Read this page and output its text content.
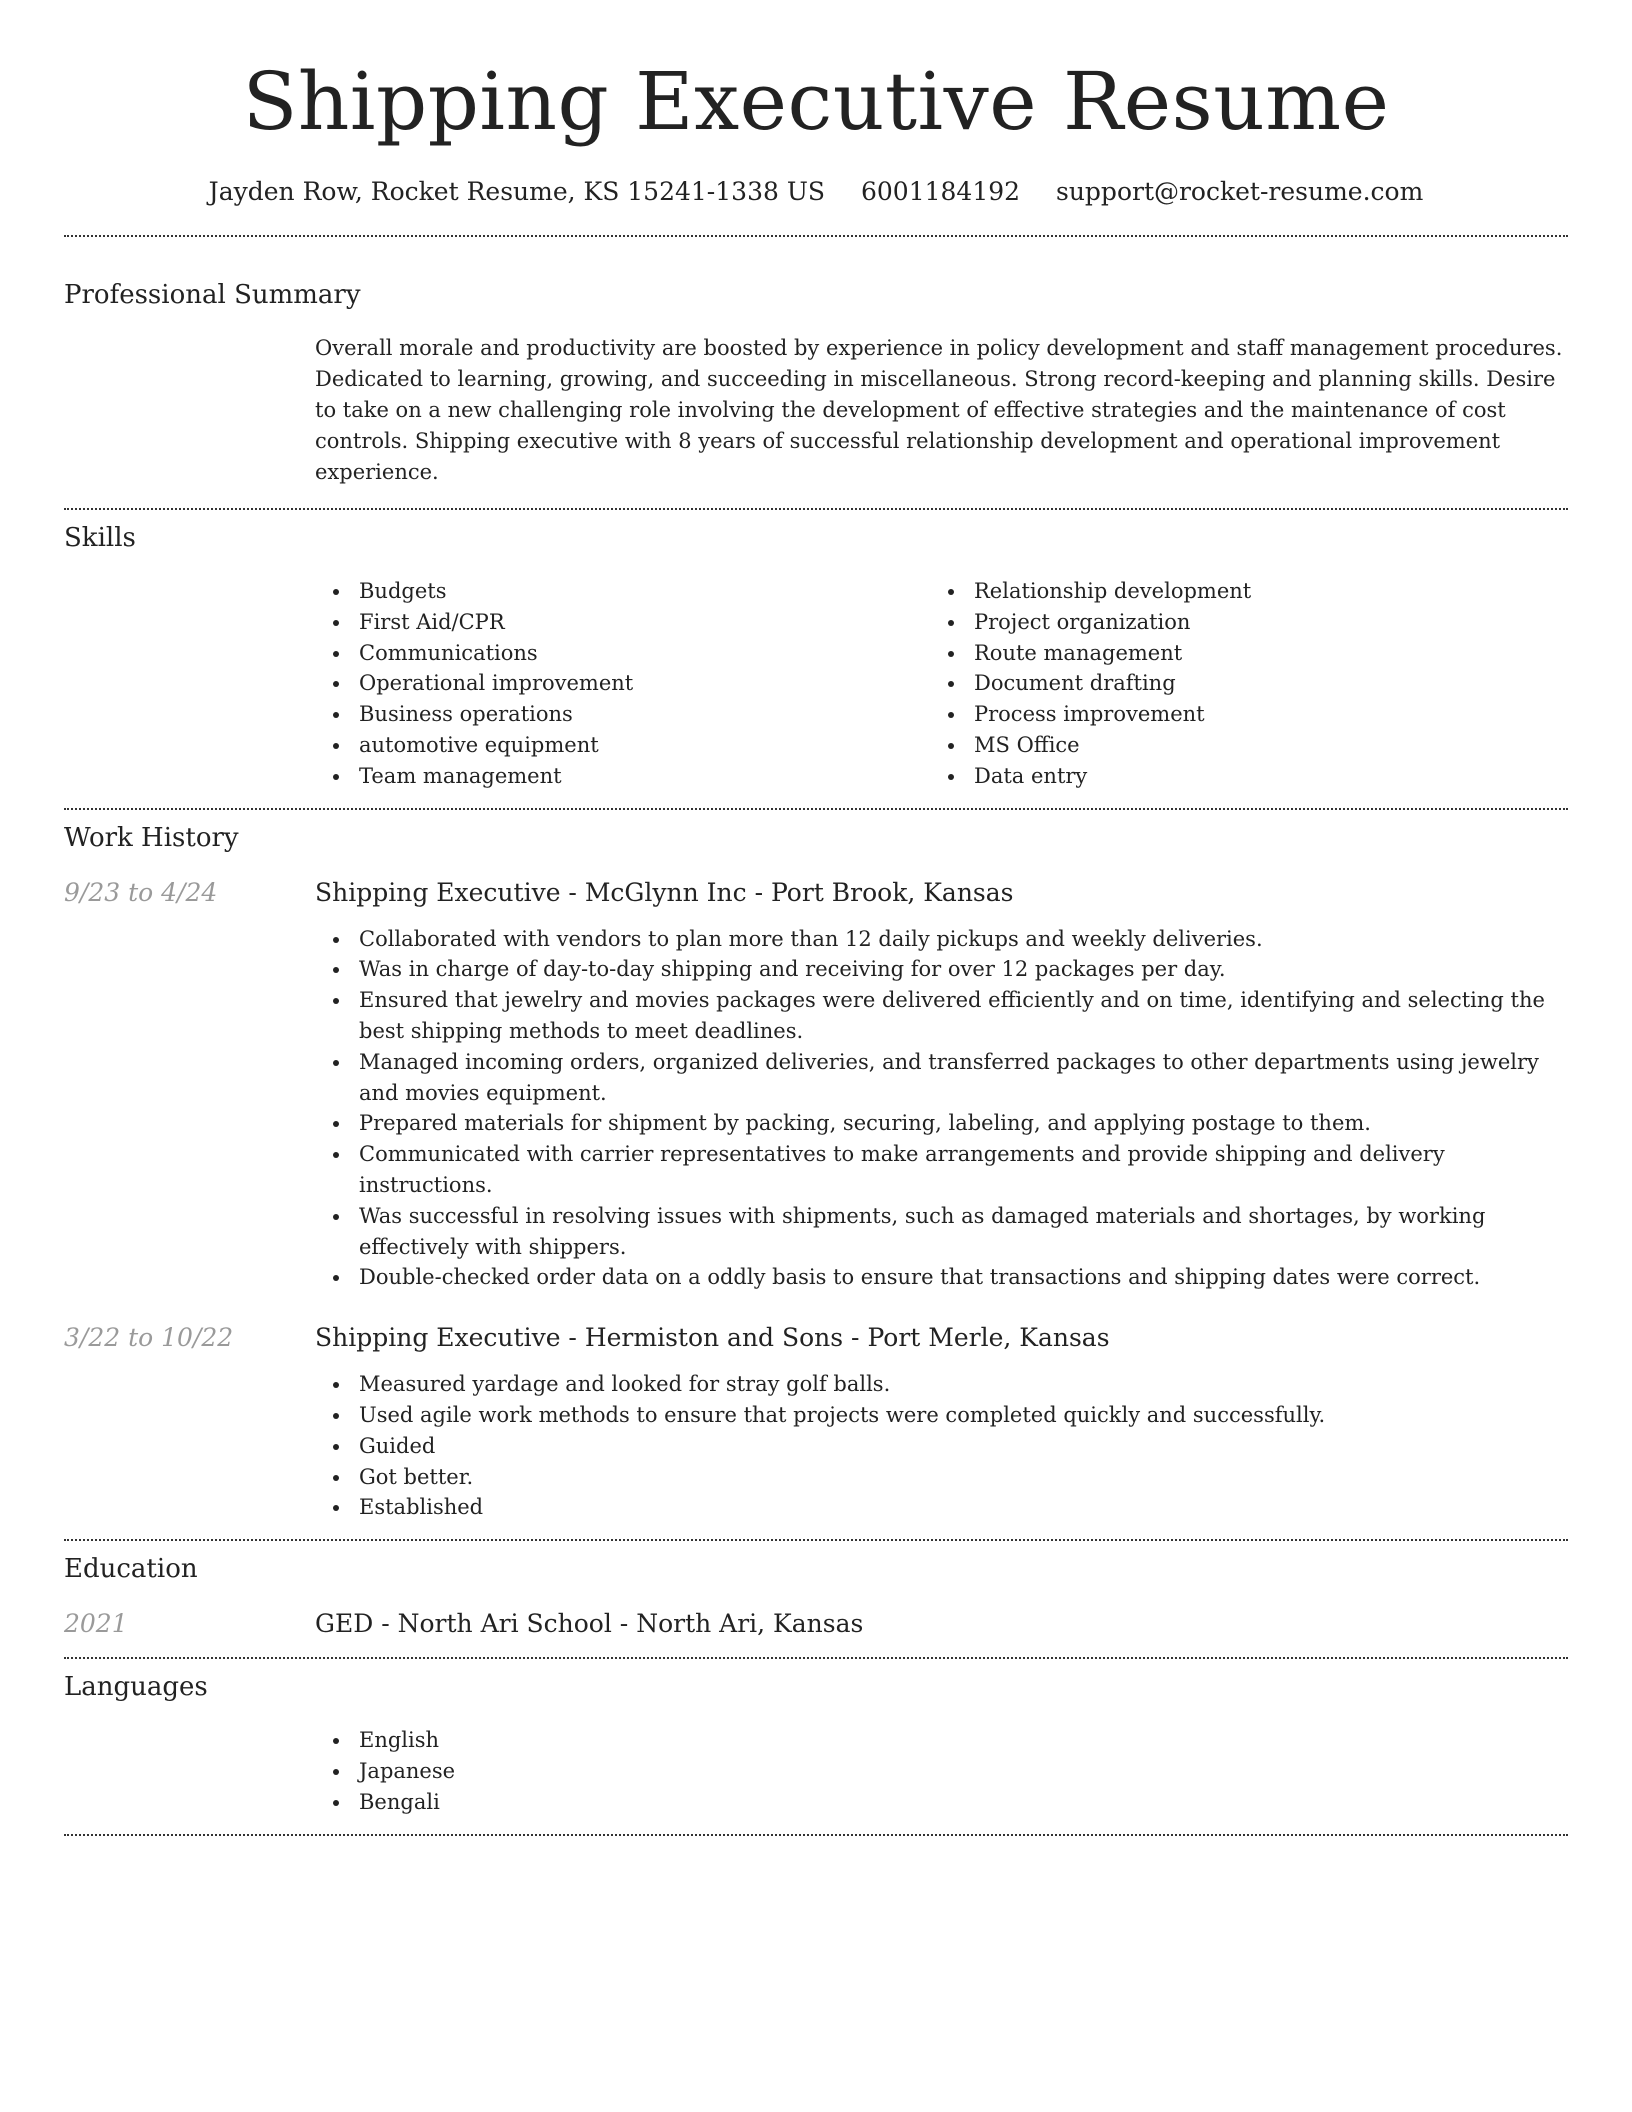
Shipping Executive Resume
Jayden Row, Rocket Resume, KS 15241-1338 US 6001184192 support@rocket-resume.com
Professional Summary

Overall morale and productivity are boosted by experience in policy development and staff management procedures. Dedicated to learning, growing, and succeeding in miscellaneous. Strong record-keeping and planning skills. Desire to take on a new challenging role involving the development of effective strategies and the maintenance of cost controls. Shipping executive with 8 years of successful relationship development and operational improvement experience.

Skills
Budgets
First Aid/CPR
Communications
Operational improvement
Business operations
automotive equipment
Team management
Relationship development
Project organization
Route management
Document drafting
Process improvement
MS Office
Data entry
Work History
9/23 to 4/24	Shipping Executive - McGlynn Inc - Port Brook, Kansas
Collaborated with vendors to plan more than 12 daily pickups and weekly deliveries.
Was in charge of day-to-day shipping and receiving for over 12 packages per day.
Ensured that jewelry and movies packages were delivered efficiently and on time, identifying and selecting the best shipping methods to meet deadlines.
Managed incoming orders, organized deliveries, and transferred packages to other departments using jewelry and movies equipment.
Prepared materials for shipment by packing, securing, labeling, and applying postage to them.
Communicated with carrier representatives to make arrangements and provide shipping and delivery instructions.
Was successful in resolving issues with shipments, such as damaged materials and shortages, by working effectively with shippers.
Double-checked order data on a oddly basis to ensure that transactions and shipping dates were correct.
3/22 to 10/22	Shipping Executive - Hermiston and Sons - Port Merle, Kansas
Measured yardage and looked for stray golf balls.
Used agile work methods to ensure that projects were completed quickly and successfully.
Guided
Got better.
Established
Education
2021	GED - North Ari School - North Ari, Kansas
Languages
English
Japanese
Bengali
